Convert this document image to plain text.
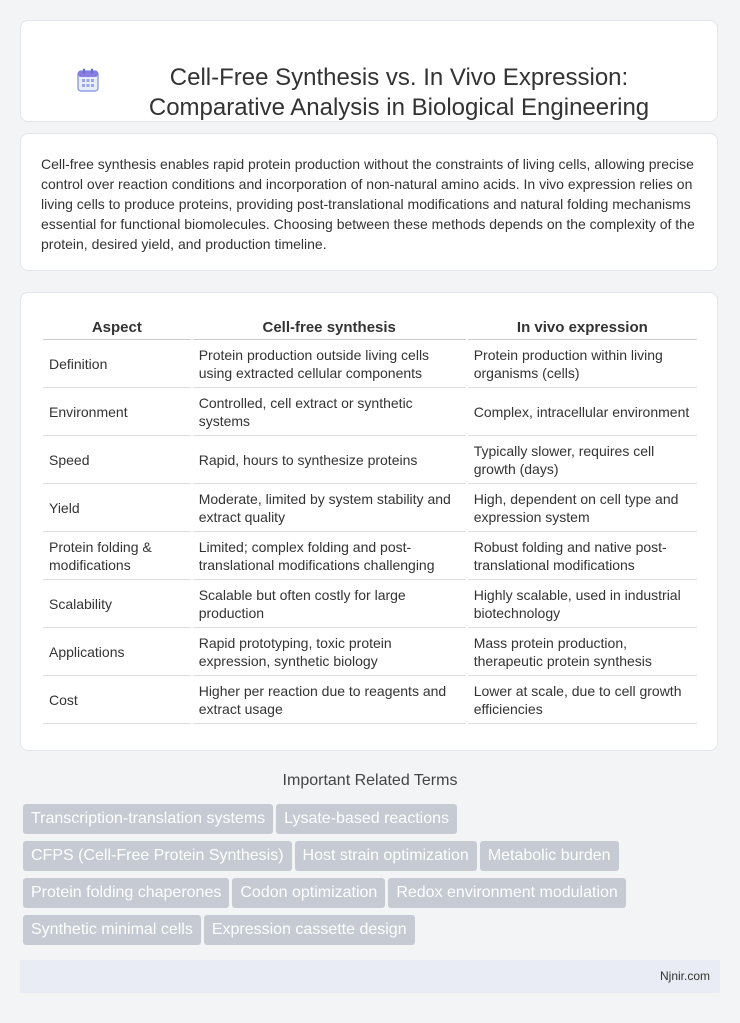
Cell-Free Synthesis vs. In Vivo Expression: Comparative Analysis in Biological Engineering

Cell-free synthesis enables rapid protein production without the constraints of living cells, allowing precise control over reaction conditions and incorporation of non-natural amino acids. In vivo expression relies on living cells to produce proteins, providing post-translational modifications and natural folding mechanisms essential for functional biomolecules. Choosing between these methods depends on the complexity of the protein, desired yield, and production timeline.

Aspect	Cell-free synthesis	In vivo expression
Definition	Protein production outside living cells using extracted cellular components	Protein production within living organisms (cells)
Environment	Controlled, cell extract or synthetic systems	Complex, intracellular environment
Speed	Rapid, hours to synthesize proteins	Typically slower, requires cell growth (days)
Yield	Moderate, limited by system stability and extract quality	High, dependent on cell type and expression system
Protein folding & modifications	Limited; complex folding and post-translational modifications challenging	Robust folding and native post-translational modifications
Scalability	Scalable but often costly for large production	Highly scalable, used in industrial biotechnology
Applications	Rapid prototyping, toxic protein expression, synthetic biology	Mass protein production, therapeutic protein synthesis
Cost	Higher per reaction due to reagents and extract usage	Lower at scale, due to cell growth efficiencies
Important Related Terms
Transcription-translation systems Lysate-based reactions
CFPS (Cell-Free Protein Synthesis) Host strain optimization Metabolic burden
Protein folding chaperones Codon optimization Redox environment modulation
Synthetic minimal cells Expression cassette design
Njnir.com
